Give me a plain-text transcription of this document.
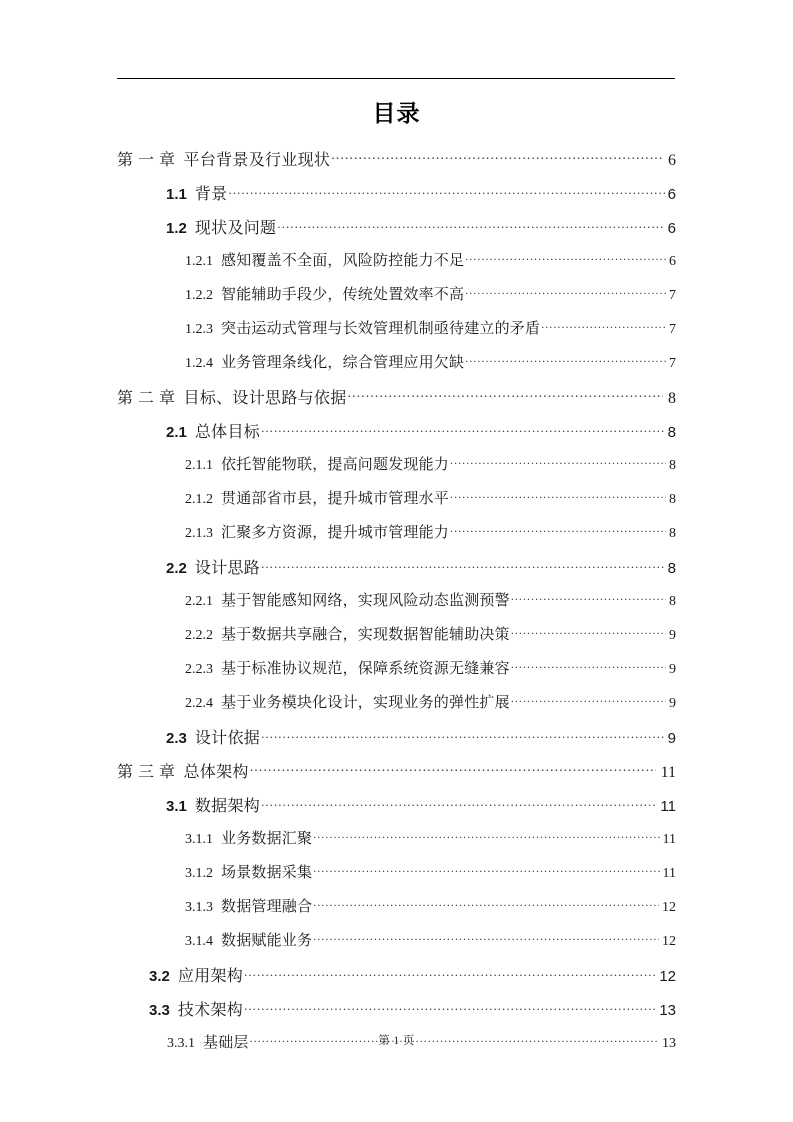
目录
第 一 章 平台背景及行业现状 .....	6
1.1 背景 .....	6
1.2 现状及问题 .....	6
1.2.1 感知覆盖不全面，风险防控能力不足 .....	6
1.2.2 智能辅助手段少，传统处置效率不高 .....	7
1.2.3 突击运动式管理与长效管理机制亟待建立的矛盾 .....	7
1.2.4 业务管理条线化，综合管理应用欠缺 .....	7
第 二 章 目标、设计思路与依据 .....	8
2.1 总体目标 .....	8
2.1.1 依托智能物联，提高问题发现能力 .....	8
2.1.2 贯通部省市县，提升城市管理水平 .....	8
2.1.3 汇聚多方资源，提升城市管理能力 .....	8
2.2 设计思路 .....	8
2.2.1 基于智能感知网络，实现风险动态监测预警 .....	8
2.2.2 基于数据共享融合，实现数据智能辅助决策 .....	9
2.2.3 基于标准协议规范，保障系统资源无缝兼容 .....	9
2.2.4 基于业务模块化设计，实现业务的弹性扩展 .....	9
2.3 设计依据 .....	9
第 三 章 总体架构 .....	11
3.1 数据架构 .....	11
3.1.1 业务数据汇聚 .....	11
3.1.2 场景数据采集 .....	11
3.1.3 数据管理融合 .....	12
3.1.4 数据赋能业务 .....	12
3.2 应用架构 .....	12
3.3 技术架构 .....	13
3.3.1 基础层 .....	13
第 1 页
